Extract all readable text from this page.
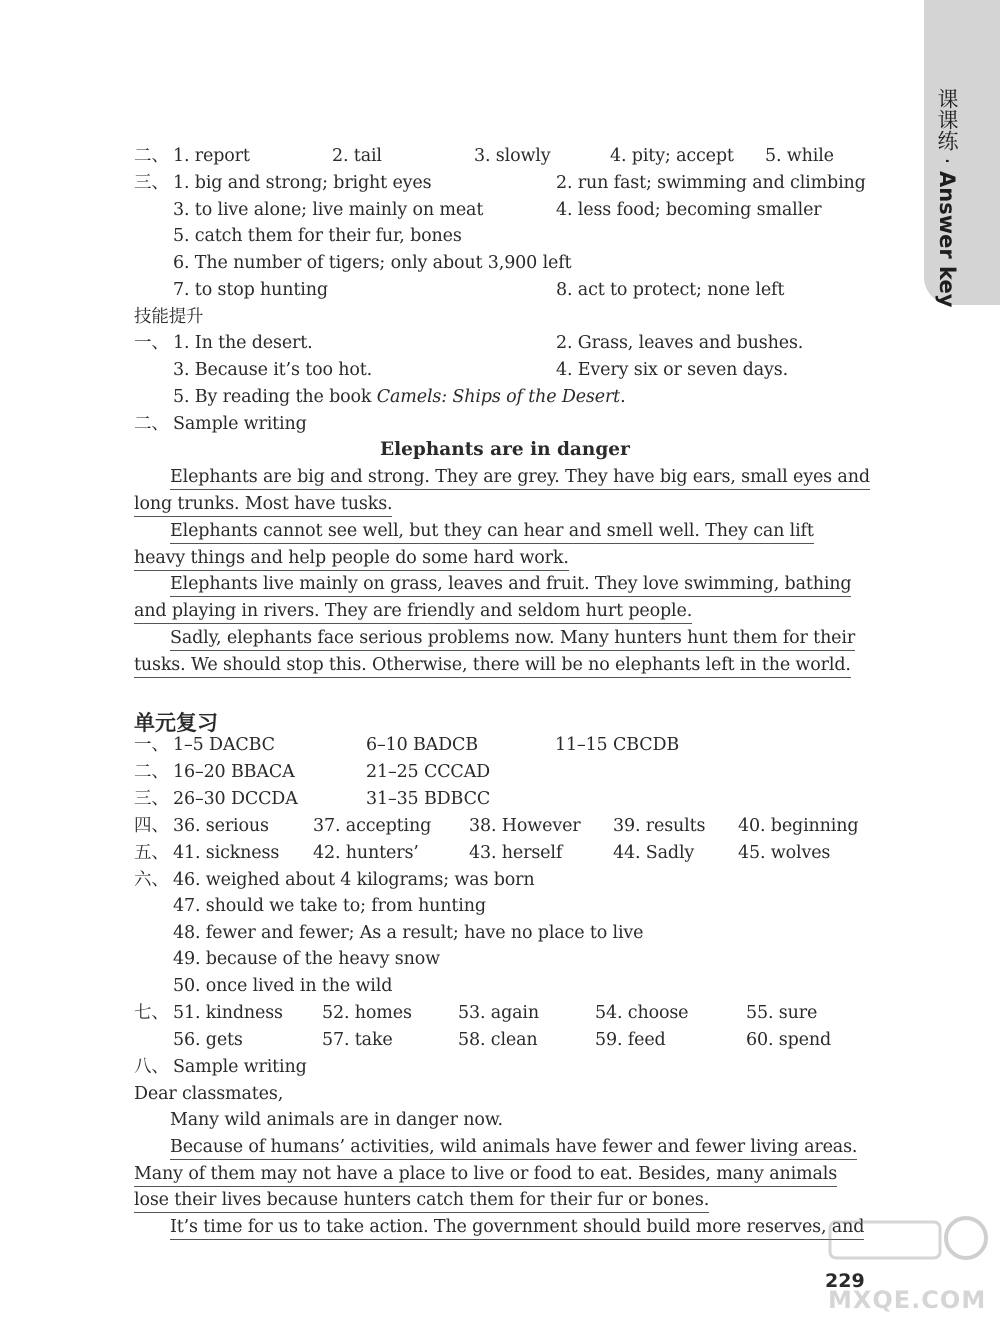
课课练 · Answer key
二、 1. report	2. tail	3. slowly	4. pity; accept 5. while
三、 1. big and strong; bright eyes	2. run fast; swimming and climbing
3. to live alone; live mainly on meat	4. less food; becoming smaller
5. catch them for their fur, bones
6. The number of tigers; only about 3,900 left
7. to stop hunting	8. act to protect; none left
技能提升
一、 1. In the desert.	2. Grass, leaves and bushes.
3. Because it’s too hot.	4. Every six or seven days.
5. By reading the book Camels: Ships of the Desert.
二、 Sample writing
Elephants are in danger
Elephants are big and strong. They are grey. They have big ears, small eyes and
long trunks. Most have tusks.
Elephants cannot see well, but they can hear and smell well. They can lift
heavy things and help people do some hard work.
Elephants live mainly on grass, leaves and fruit. They love swimming, bathing
and playing in rivers. They are friendly and seldom hurt people.
Sadly, elephants face serious problems now. Many hunters hunt them for their
tusks. We should stop this. Otherwise, there will be no elephants left in the world.
单元复习
一、 1–5 DACBC	6–10 BADCB	11–15 CBCDB
二、 16–20 BBACA	21–25 CCCAD
三、 26–30 DCCDA	31–35 BDBCC
四、 36. serious	37. accepting 38. However 39. results 40. beginning
五、 41. sickness 42. hunters’	43. herself	44. Sadly	45. wolves
六、 46. weighed about 4 kilograms; was born
47. should we take to; from hunting
48. fewer and fewer; As a result; have no place to live
49. because of the heavy snow
50. once lived in the wild
七、 51. kindness 52. homes	53. again	54. choose	55. sure
56. gets	57. take	58. clean	59. feed	60. spend
八、 Sample writing
Dear classmates,
Many wild animals are in danger now.
Because of humans’ activities, wild animals have fewer and fewer living areas.
Many of them may not have a place to live or food to eat. Besides, many animals
lose their lives because hunters catch them for their fur or bones.
It’s time for us to take action. The government should build more reserves, and
229
MXQE.COM
